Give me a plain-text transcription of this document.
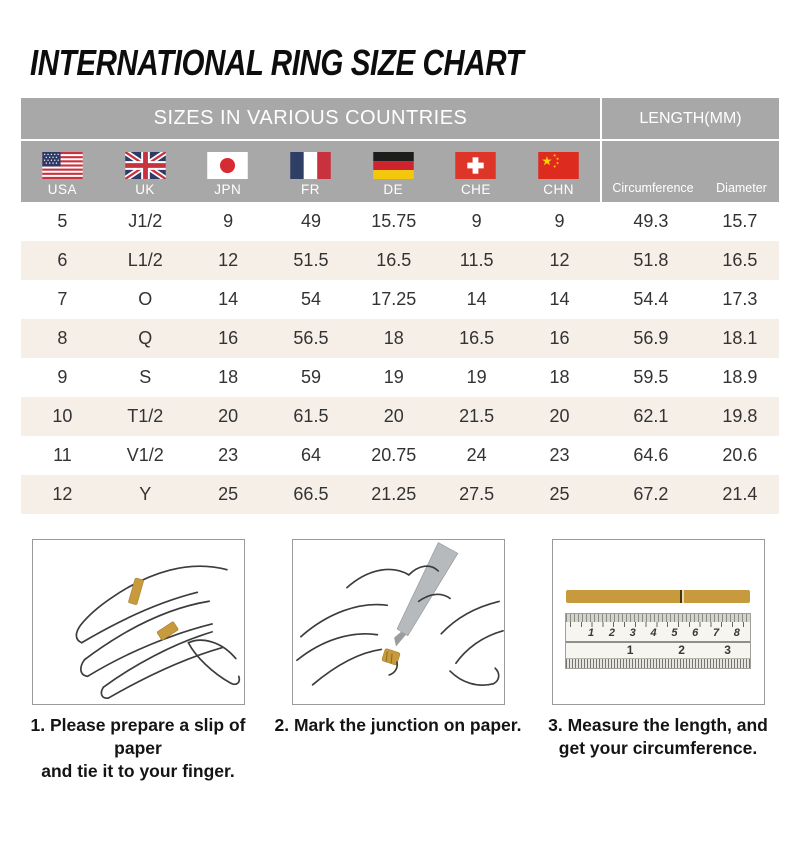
INTERNATIONAL RING SIZE CHART
SIZES IN VARIOUS COUNTRIES	LENGTH(MM)
USA	UK	JPN	FR	DE	CHE	CHN	Circumference	Diameter
5	J1/2	9	49	15.75	9	9	49.3	15.7
6	L1/2	12	51.5	16.5	11.5	12	51.8	16.5
7	O	14	54	17.25	14	14	54.4	17.3
8	Q	16	56.5	18	16.5	16	56.9	18.1
9	S	18	59	19	19	18	59.5	18.9
10	T1/2	20	61.5	20	21.5	20	62.1	19.8
11	V1/2	23	64	20.75	24	23	64.6	20.6
12	Y	25	66.5	21.25	27.5	25	67.2	21.4
1. Please prepare a slip of paper
and tie it to your finger.
2. Mark the junction on paper.
1 2 3 4 5 6 7 8
1	2	3
3. Measure the length, and
get your circumference.
